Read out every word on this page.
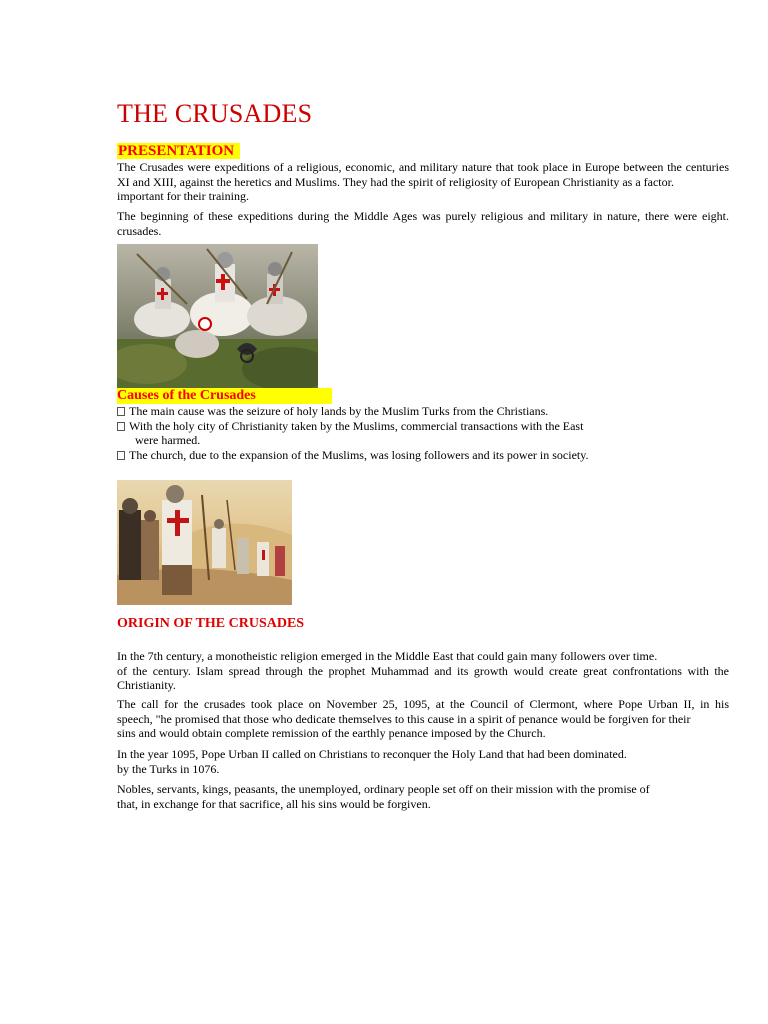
THE CRUSADES
PRESENTATION
The Crusades were expeditions of a religious, economic, and military nature that took place in Europe between the centuries
XI and XIII, against the heretics and Muslims. They had the spirit of religiosity of European Christianity as a factor.
important for their training.
The beginning of these expeditions during the Middle Ages was purely religious and military in nature, there were eight.
crusades.
Causes of the Crusades
The main cause was the seizure of holy lands by the Muslim Turks from the Christians.
With the holy city of Christianity taken by the Muslims, commercial transactions with the East
were harmed.
The church, due to the expansion of the Muslims, was losing followers and its power in society.
ORIGIN OF THE CRUSADES
In the 7th century, a monotheistic religion emerged in the Middle East that could gain many followers over time.
of the century. Islam spread through the prophet Muhammad and its growth would create great confrontations with the
Christianity.
The call for the crusades took place on November 25, 1095, at the Council of Clermont, where Pope Urban II, in his
speech, "he promised that those who dedicate themselves to this cause in a spirit of penance would be forgiven for their
sins and would obtain complete remission of the earthly penance imposed by the Church.
In the year 1095, Pope Urban II called on Christians to reconquer the Holy Land that had been dominated.
by the Turks in 1076.
Nobles, servants, kings, peasants, the unemployed, ordinary people set off on their mission with the promise of
that, in exchange for that sacrifice, all his sins would be forgiven.
